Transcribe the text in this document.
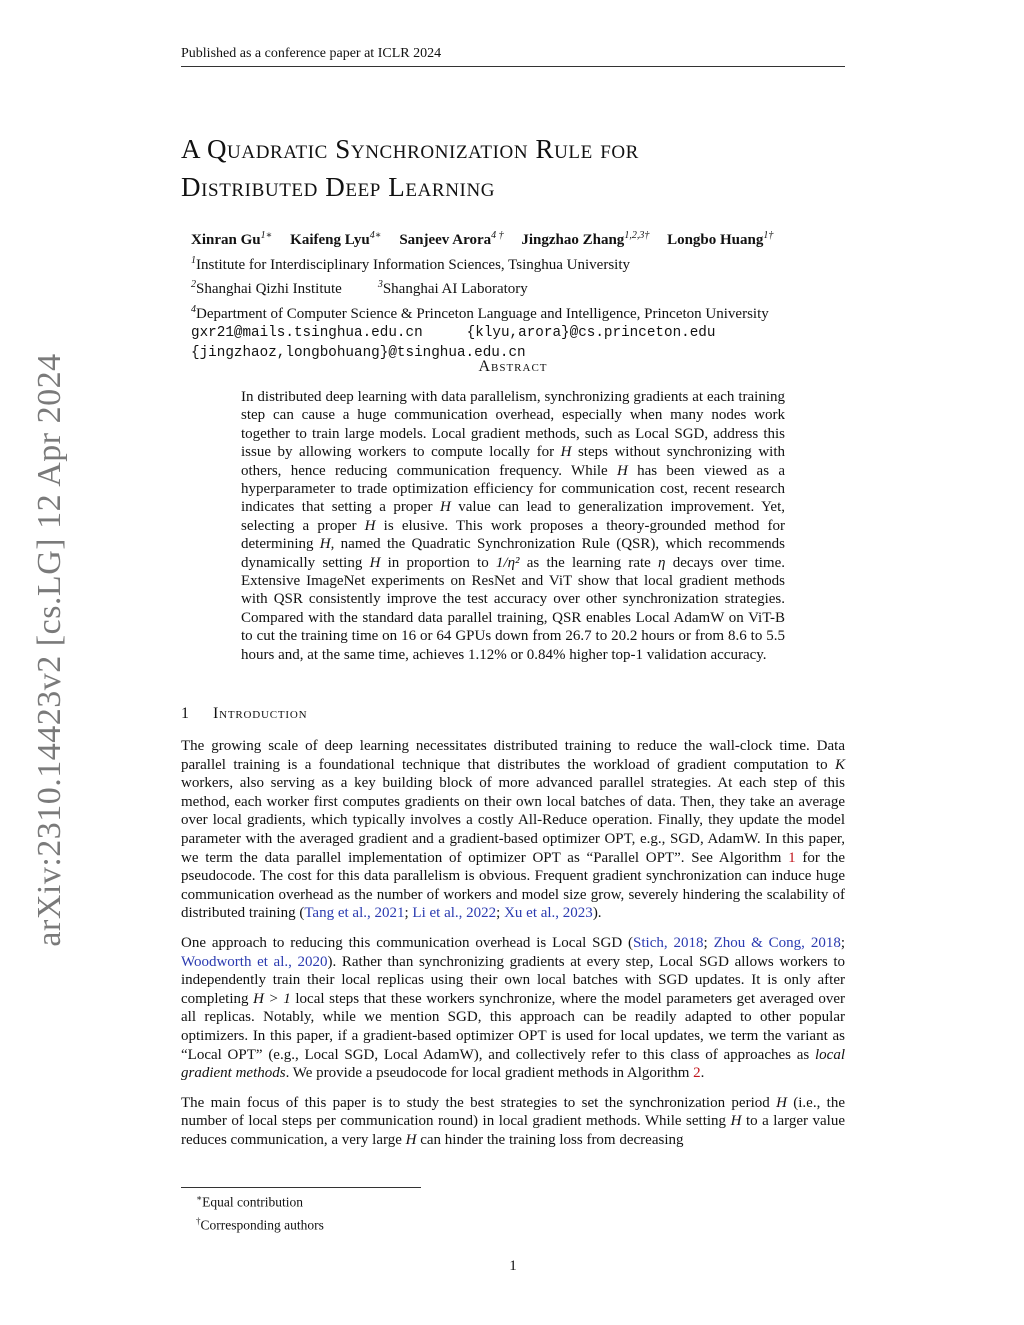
Published as a conference paper at ICLR 2024
arXiv:2310.14423v2 [cs.LG] 12 Apr 2024
A Quadratic Synchronization Rule for
Distributed Deep Learning
Xinran $Gu^{1∗}$ Kaifeng Lyu$^{4∗}$ Sanjeev Arora$^{4 \dagger}$ Jingzhao Zhang$^{1,2,3\dagger}$ Longbo Huang$^{1\dagger}$
$^1$Institute for Interdisciplinary Information Sciences, Tsinghua University
$^2$Shanghai Qizhi Institute	$^3$Shanghai AI Laboratory
$^4$Department of Computer Science & Princeton Language and Intelligence, Princeton University
gxr21@mails.tsinghua.edu.cn	{klyu,arora}@cs.princeton.edu
{jingzhaoz,longbohuang}@tsinghua.edu.cn
Abstract
In distributed deep learning with data parallelism, synchronizing gradients at each training step can cause a huge communication overhead, especially when many nodes work together to train large models. Local gradient methods, such as Local SGD, address this issue by allowing workers to compute locally for H steps without synchronizing with others, hence reducing communication frequency. While H has been viewed as a hyperparameter to trade optimization efficiency for communication cost, recent research indicates that setting a proper H value can lead to generalization improvement. Yet, selecting a proper H is elusive. This work proposes a theory-grounded method for determining H, named the Quadratic Synchronization Rule (QSR), which recommends dynamically setting H in proportion to 1/η² as the learning rate η decays over time. Extensive ImageNet experiments on ResNet and ViT show that local gradient methods with QSR consistently improve the test accuracy over other synchronization strategies. Compared with the standard data parallel training, QSR enables Local AdamW on ViT-B to cut the training time on 16 or 64 GPUs down from 26.7 to 20.2 hours or from 8.6 to 5.5 hours and, at the same time, achieves 1.12% or 0.84% higher top-1 validation accuracy.
1 Introduction

The growing scale of deep learning necessitates distributed training to reduce the wall-clock time. Data parallel training is a foundational technique that distributes the workload of gradient computation to K workers, also serving as a key building block of more advanced parallel strategies. At each step of this method, each worker first computes gradients on their own local batches of data. Then, they take an average over local gradients, which typically involves a costly All-Reduce operation. Finally, they update the model parameter with the averaged gradient and a gradient-based optimizer OPT, e.g., SGD, AdamW. In this paper, we term the data parallel implementation of optimizer OPT as “Parallel OPT”. See Algorithm 1 for the pseudocode. The cost for this data parallelism is obvious. Frequent gradient synchronization can induce huge communication overhead as the number of workers and model size grow, severely hindering the scalability of distributed training (Tang et al., 2021; Li et al., 2022; Xu et al., 2023).

One approach to reducing this communication overhead is Local SGD (Stich, 2018; Zhou & Cong, 2018; Woodworth et al., 2020). Rather than synchronizing gradients at every step, Local SGD allows workers to independently train their local replicas using their own local batches with SGD updates. It is only after completing H > 1 local steps that these workers synchronize, where the model parameters get averaged over all replicas. Notably, while we mention SGD, this approach can be readily adapted to other popular optimizers. In this paper, if a gradient-based optimizer OPT is used for local updates, we term the variant as “Local OPT” (e.g., Local SGD, Local AdamW), and collectively refer to this class of approaches as local gradient methods. We provide a pseudocode for local gradient methods in Algorithm 2.

The main focus of this paper is to study the best strategies to set the synchronization period H (i.e., the number of local steps per communication round) in local gradient methods. While setting H to a larger value reduces communication, a very large H can hinder the training loss from decreasing

∗Equal contribution
†Corresponding authors
1
